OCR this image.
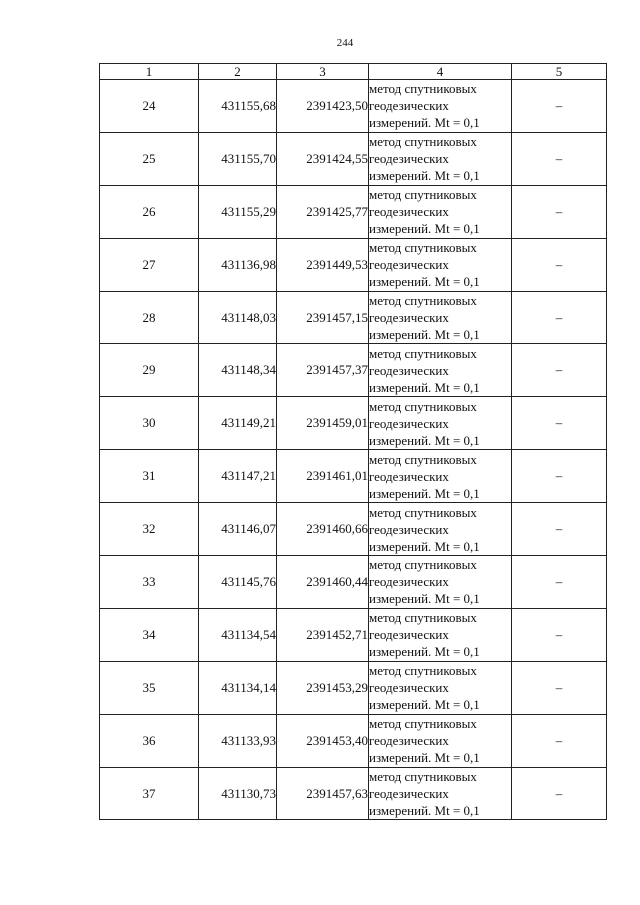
244
1	2	3	4	5
24	431155,68	2391423,50	метод спутниковых
геодезических
измерений. Mt = 0,1	–
25	431155,70	2391424,55	метод спутниковых
геодезических
измерений. Mt = 0,1	–
26	431155,29	2391425,77	метод спутниковых
геодезических
измерений. Mt = 0,1	–
27	431136,98	2391449,53	метод спутниковых
геодезических
измерений. Mt = 0,1	–
28	431148,03	2391457,15	метод спутниковых
геодезических
измерений. Mt = 0,1	–
29	431148,34	2391457,37	метод спутниковых
геодезических
измерений. Mt = 0,1	–
30	431149,21	2391459,01	метод спутниковых
геодезических
измерений. Mt = 0,1	–
31	431147,21	2391461,01	метод спутниковых
геодезических
измерений. Mt = 0,1	–
32	431146,07	2391460,66	метод спутниковых
геодезических
измерений. Mt = 0,1	–
33	431145,76	2391460,44	метод спутниковых
геодезических
измерений. Mt = 0,1	–
34	431134,54	2391452,71	метод спутниковых
геодезических
измерений. Mt = 0,1	–
35	431134,14	2391453,29	метод спутниковых
геодезических
измерений. Mt = 0,1	–
36	431133,93	2391453,40	метод спутниковых
геодезических
измерений. Mt = 0,1	–
37	431130,73	2391457,63	метод спутниковых
геодезических
измерений. Mt = 0,1	–
